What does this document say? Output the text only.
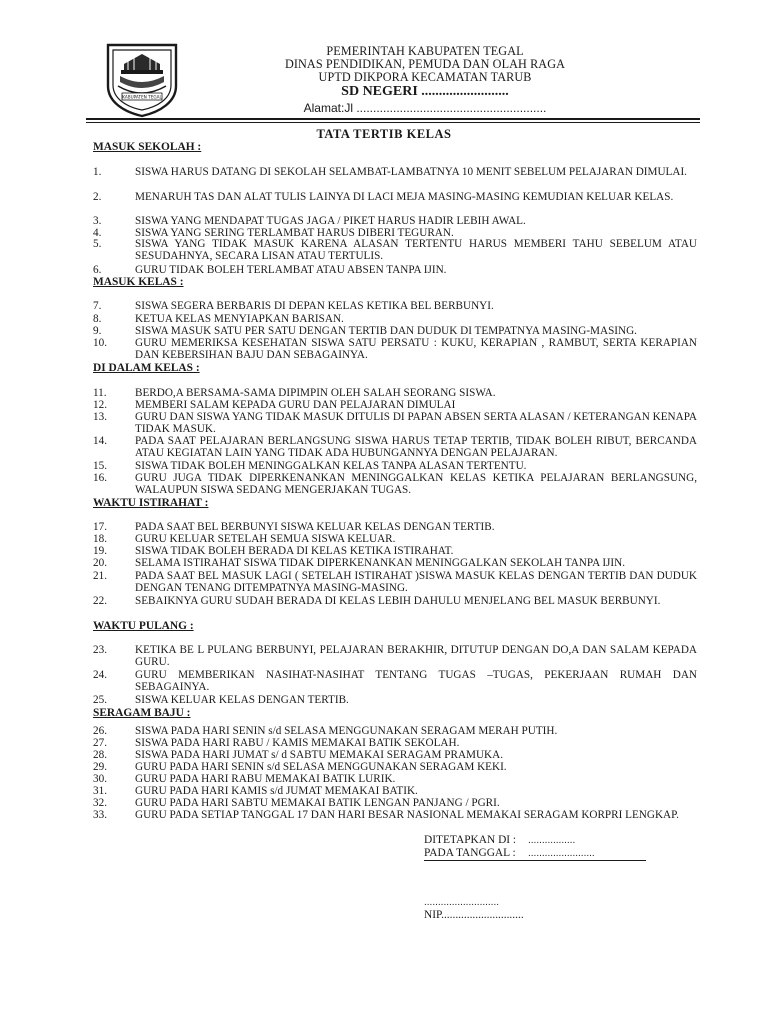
KABUPATEN TEGAL
PEMERINTAH KABUPATEN TEGAL
DINAS PENDIDIKAN, PEMUDA DAN OLAH RAGA
UPTD DIKPORA KECAMATAN TARUB
SD NEGERI .........................
Alamat:Jl .........................................................
TATA TERTIB KELAS
MASUK SEKOLAH :
1.	SISWA HARUS DATANG DI SEKOLAH SELAMBAT-LAMBATNYA 10 MENIT SEBELUM PELAJARAN DIMULAI.
2.	MENARUH TAS DAN ALAT TULIS LAINYA DI LACI MEJA MASING-MASING KEMUDIAN KELUAR KELAS.
3.	SISWA YANG MENDAPAT TUGAS JAGA / PIKET HARUS HADIR LEBIH AWAL.
4.	SISWA YANG SERING TERLAMBAT HARUS DIBERI TEGURAN.
5.	SISWA YANG TIDAK MASUK KARENA ALASAN TERTENTU HARUS MEMBERI TAHU SEBELUM ATAU SESUDAHNYA, SECARA LISAN ATAU TERTULIS.
6.	GURU TIDAK BOLEH TERLAMBAT ATAU ABSEN TANPA IJIN.
MASUK KELAS :
7.	SISWA SEGERA BERBARIS DI DEPAN KELAS KETIKA BEL BERBUNYI.
8.	KETUA KELAS MENYIAPKAN BARISAN.
9.	SISWA MASUK SATU PER SATU DENGAN TERTIB DAN DUDUK DI TEMPATNYA MASING-MASING.
10.	GURU MEMERIKSA KESEHATAN SISWA SATU PERSATU : KUKU, KERAPIAN , RAMBUT, SERTA KERAPIAN DAN KEBERSIHAN BAJU DAN SEBAGAINYA.
DI DALAM KELAS :
11.	BERDO,A BERSAMA-SAMA DIPIMPIN OLEH SALAH SEORANG SISWA.
12.	MEMBERI SALAM KEPADA GURU DAN PELAJARAN DIMULAI
13.	GURU DAN SISWA YANG TIDAK MASUK DITULIS DI PAPAN ABSEN SERTA ALASAN / KETERANGAN KENAPA TIDAK MASUK.
14.	PADA SAAT PELAJARAN BERLANGSUNG SISWA HARUS TETAP TERTIB, TIDAK BOLEH RIBUT, BERCANDA ATAU KEGIATAN LAIN YANG TIDAK ADA HUBUNGANNYA DENGAN PELAJARAN.
15.	SISWA TIDAK BOLEH MENINGGALKAN KELAS TANPA ALASAN TERTENTU.
16.	GURU JUGA TIDAK DIPERKENANKAN MENINGGALKAN KELAS KETIKA PELAJARAN BERLANGSUNG, WALAUPUN SISWA SEDANG MENGERJAKAN TUGAS.
WAKTU ISTIRAHAT :
17.	PADA SAAT BEL BERBUNYI SISWA KELUAR KELAS DENGAN TERTIB.
18.	GURU KELUAR SETELAH SEMUA SISWA KELUAR.
19.	SISWA TIDAK BOLEH BERADA DI KELAS KETIKA ISTIRAHAT.
20.	SELAMA ISTIRAHAT SISWA TIDAK DIPERKENANKAN MENINGGALKAN SEKOLAH TANPA IJIN.
21.	PADA SAAT BEL MASUK LAGI ( SETELAH ISTIRAHAT )SISWA MASUK KELAS DENGAN TERTIB DAN DUDUK DENGAN TENANG DITEMPATNYA MASING-MASING.
22.	SEBAIKNYA GURU SUDAH BERADA DI KELAS LEBIH DAHULU MENJELANG BEL MASUK BERBUNYI.
WAKTU PULANG :
23.	KETIKA BE L PULANG BERBUNYI, PELAJARAN BERAKHIR, DITUTUP DENGAN DO,A DAN SALAM KEPADA GURU.
24.	GURU MEMBERIKAN NASIHAT-NASIHAT TENTANG TUGAS –TUGAS, PEKERJAAN RUMAH DAN SEBAGAINYA.
25.	SISWA KELUAR KELAS DENGAN TERTIB.
SERAGAM BAJU :
26.	SISWA PADA HARI SENIN s/d SELASA MENGGUNAKAN SERAGAM MERAH PUTIH.
27.	SISWA PADA HARI RABU / KAMIS MEMAKAI BATIK SEKOLAH.
28.	SISWA PADA HARI JUMAT s/ d SABTU MEMAKAI SERAGAM PRAMUKA.
29.	GURU PADA HARI SENIN s/d SELASA MENGGUNAKAN SERAGAM KEKI.
30.	GURU PADA HARI RABU MEMAKAI BATIK LURIK.
31.	GURU PADA HARI KAMIS s/d JUMAT MEMAKAI BATIK.
32.	GURU PADA HARI SABTU MEMAKAI BATIK LENGAN PANJANG / PGRI.
33.	GURU PADA SETIAP TANGGAL 17 DAN HARI BESAR NASIONAL MEMAKAI SERAGAM KORPRI LENGKAP.
DITETAPKAN DI : .................
PADA TANGGAL : ........................
...........................
NIP.............................
